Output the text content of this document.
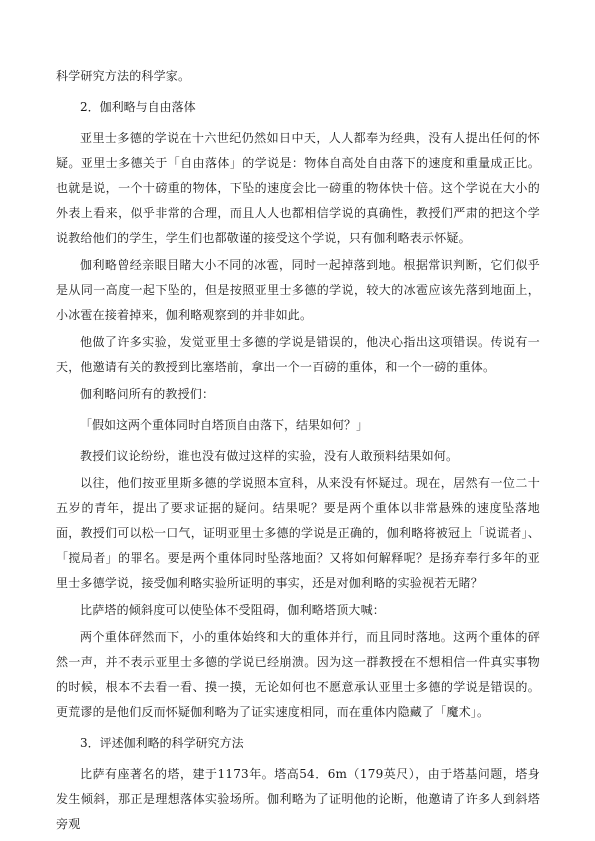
科学研究方法的科学家。

2．伽利略与自由落体

亚里士多德的学说在十六世纪仍然如日中天，人人都奉为经典，没有人提出任何的怀疑。亚里士多德关于「自由落体」的学说是：物体自高处自由落下的速度和重量成正比。也就是说，一个十磅重的物体，下坠的速度会比一磅重的物体快十倍。这个学说在大小的外表上看来，似乎非常的合理，而且人人也都相信学说的真确性，教授们严肃的把这个学说教给他们的学生，学生们也都敬谨的接受这个学说，只有伽利略表示怀疑。

伽利略曾经亲眼目睹大小不同的冰雹，同时一起掉落到地。根据常识判断，它们似乎是从同一高度一起下坠的，但是按照亚里士多德的学说，较大的冰雹应该先落到地面上，小冰雹在接着掉来，伽利略观察到的并非如此。

他做了许多实验，发觉亚里士多德的学说是错误的，他决心指出这项错误。传说有一天，他邀请有关的教授到比塞塔前，拿出一个一百磅的重体，和一个一磅的重体。

伽利略问所有的教授们：

「假如这两个重体同时自塔顶自由落下，结果如何？」

教授们议论纷纷，谁也没有做过这样的实验，没有人敢预料结果如何。

以往，他们按亚里斯多德的学说照本宣科，从来没有怀疑过。现在，居然有一位二十五岁的青年，提出了要求证据的疑问。结果呢？要是两个重体以非常悬殊的速度坠落地面，教授们可以松一口气，证明亚里士多德的学说是正确的，伽利略将被冠上「说谎者」、「搅局者」的罪名。要是两个重体同时坠落地面？又将如何解释呢？是扬弃奉行多年的亚里士多德学说，接受伽利略实验所证明的事实，还是对伽利略的实验视若无睹？

比萨塔的倾斜度可以使坠体不受阻碍，伽利略塔顶大喊：

两个重体砰然而下，小的重体始终和大的重体并行，而且同时落地。这两个重体的砰然一声，并不表示亚里士多德的学说已经崩溃。因为这一群教授在不想相信一件真实事物的时候，根本不去看一看、摸一摸，无论如何也不愿意承认亚里士多德的学说是错误的。更荒谬的是他们反而怀疑伽利略为了证实速度相同，而在重体内隐藏了「魔术」。

3．评述伽利略的科学研究方法

比萨有座著名的塔，建于1173年。塔高54．6m（179英尺），由于塔基问题，塔身发生倾斜，那正是理想落体实验场所。伽利略为了证明他的论断，他邀请了许多人到斜塔旁观
